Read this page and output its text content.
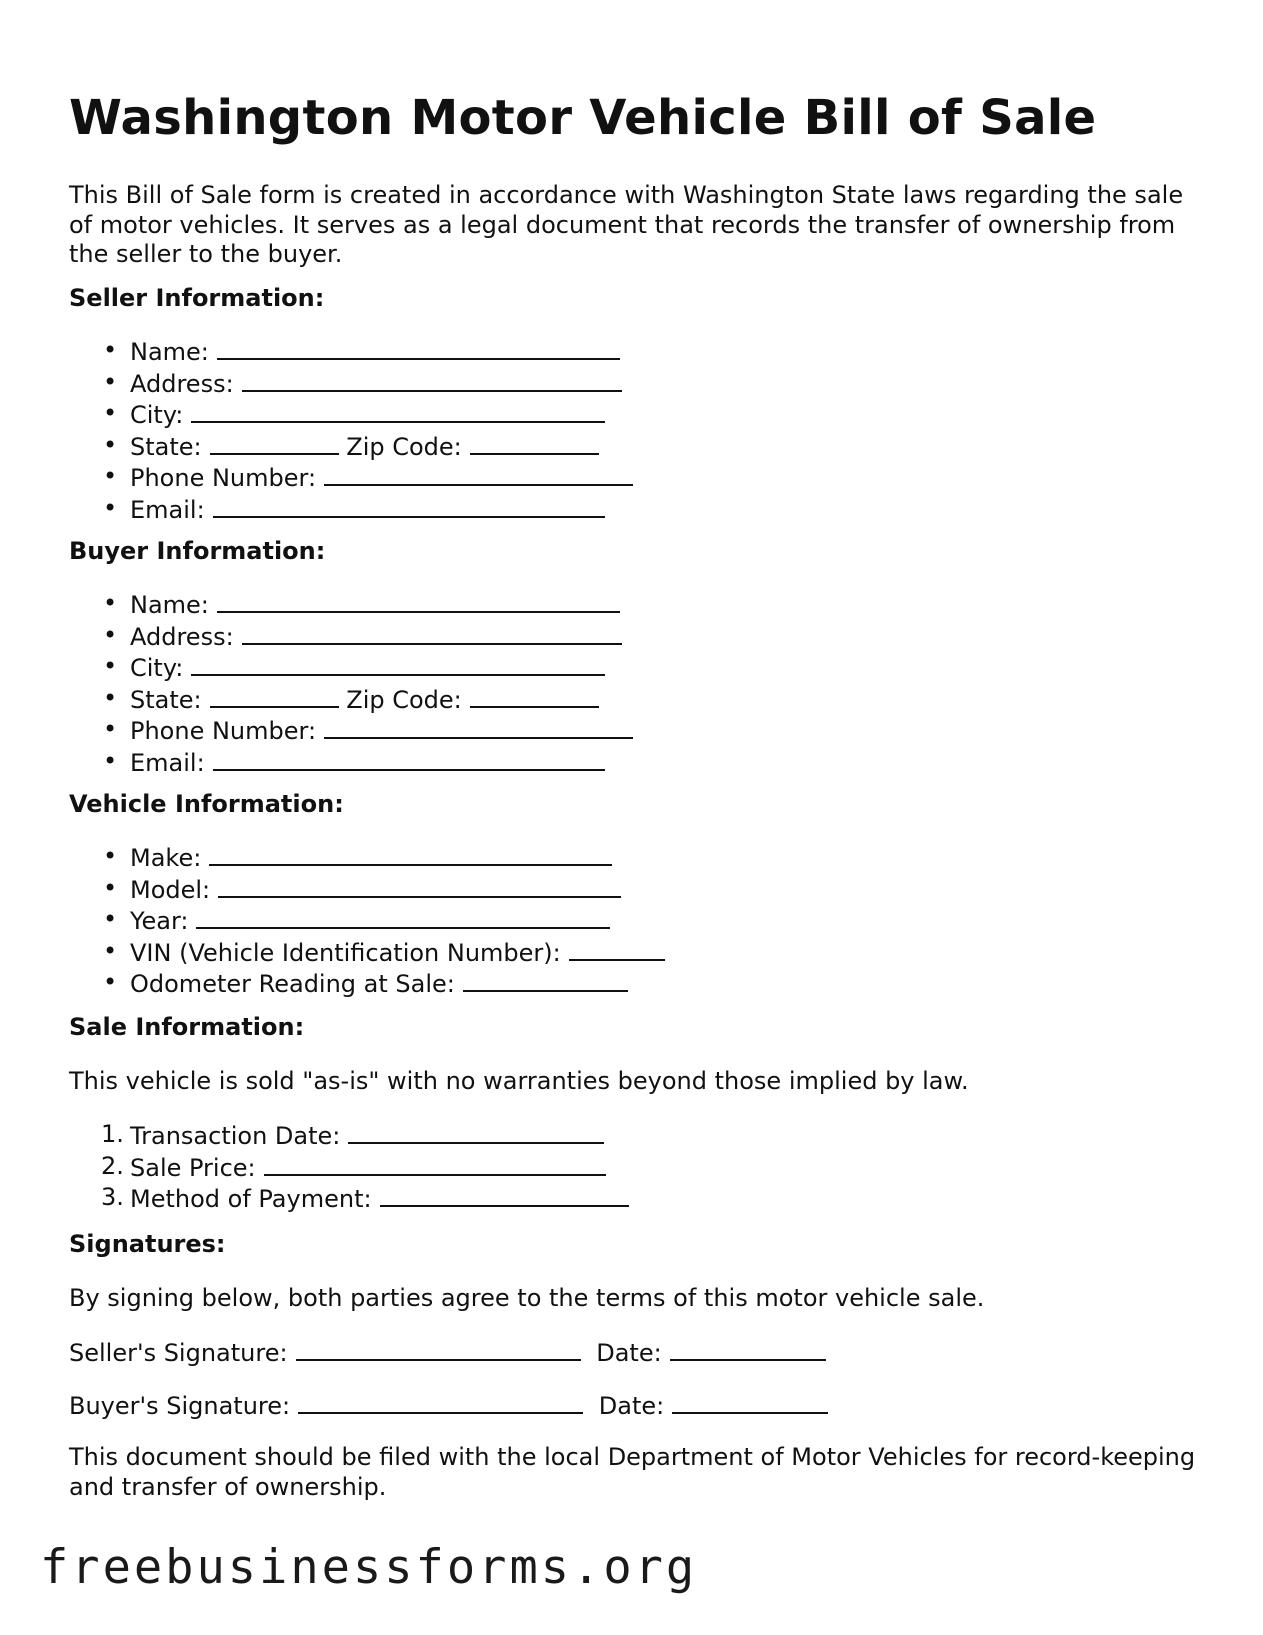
Washington Motor Vehicle Bill of Sale

This Bill of Sale form is created in accordance with Washington State laws regarding the sale of motor vehicles. It serves as a legal document that records the transfer of ownership from the seller to the buyer.

Seller Information:
• Name:
• Address:
• City:
• State:	Zip Code:
• Phone Number:
• Email:
Buyer Information:
• Name:
• Address:
• City:
• State:	Zip Code:
• Phone Number:
• Email:
Vehicle Information:
• Make:
• Model:
• Year:
• VIN (Vehicle Identification Number):
• Odometer Reading at Sale:
Sale Information:

This vehicle is sold "as-is" with no warranties beyond those implied by law.

1. Transaction Date:
2. Sale Price:
3. Method of Payment:
Signatures:

By signing below, both parties agree to the terms of this motor vehicle sale.

Seller's Signature:	Date:
Buyer's Signature:	Date:

This document should be filed with the local Department of Motor Vehicles for record-keeping and transfer of ownership.

freebusinessforms.org
